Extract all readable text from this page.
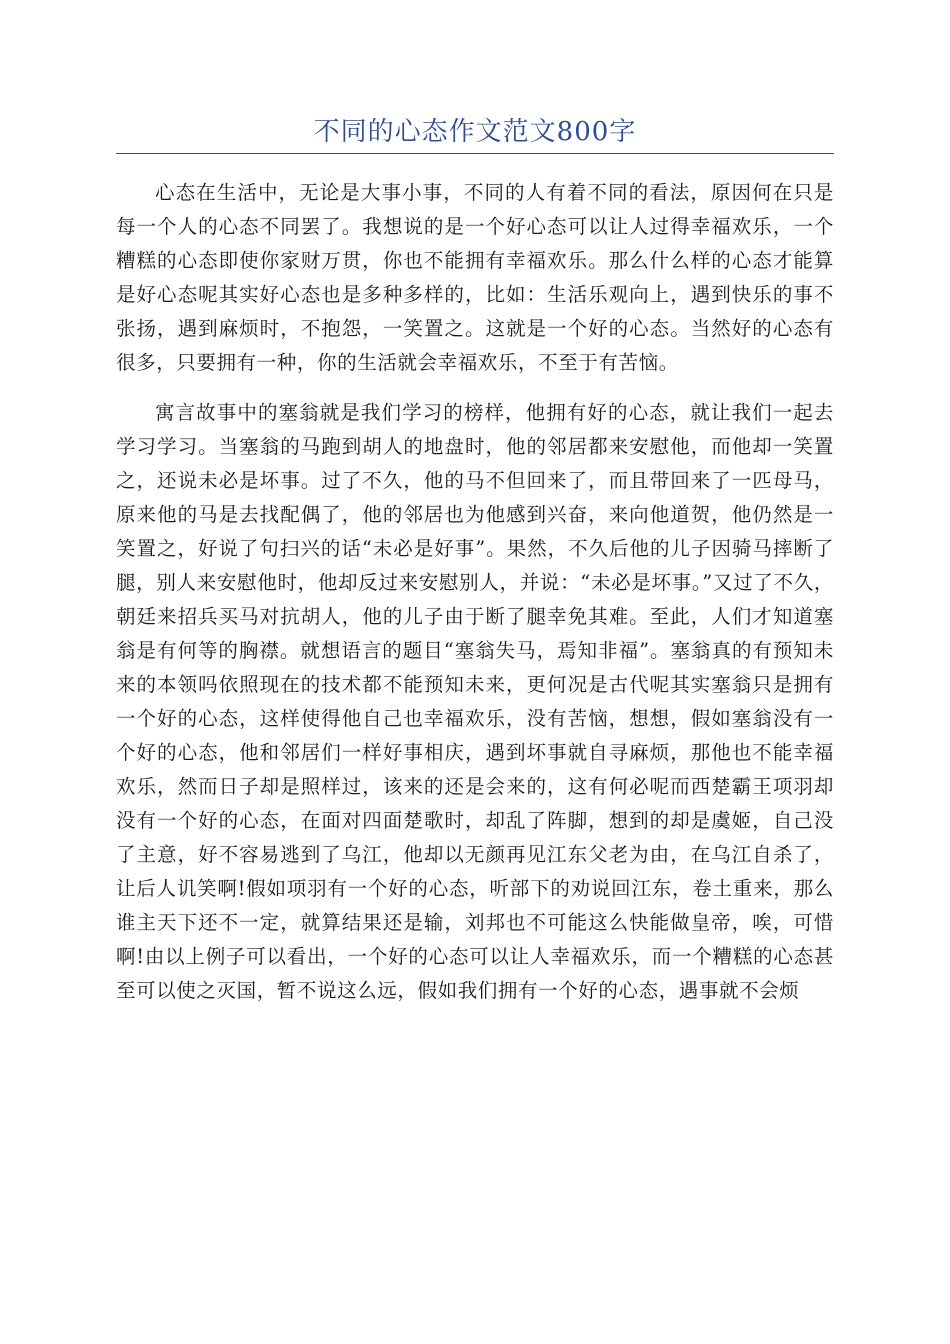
不同的心态作文范文800字

心态在生活中，无论是大事小事，不同的人有着不同的看法，原因何在只是每一个人的心态不同罢了。我想说的是一个好心态可以让人过得幸福欢乐，一个糟糕的心态即使你家财万贯，你也不能拥有幸福欢乐。那么什么样的心态才能算是好心态呢其实好心态也是多种多样的，比如：生活乐观向上，遇到快乐的事不张扬，遇到麻烦时，不抱怨，一笑置之。这就是一个好的心态。当然好的心态有很多，只要拥有一种，你的生活就会幸福欢乐，不至于有苦恼。

寓言故事中的塞翁就是我们学习的榜样，他拥有好的心态，就让我们一起去学习学习。当塞翁的马跑到胡人的地盘时，他的邻居都来安慰他，而他却一笑置之，还说未必是坏事。过了不久，他的马不但回来了，而且带回来了一匹母马，原来他的马是去找配偶了，他的邻居也为他感到兴奋，来向他道贺，他仍然是一笑置之，好说了句扫兴的话“未必是好事”。果然，不久后他的儿子因骑马摔断了腿，别人来安慰他时，他却反过来安慰别人，并说：“未必是坏事。”又过了不久，朝廷来招兵买马对抗胡人，他的儿子由于断了腿幸免其难。至此，人们才知道塞翁是有何等的胸襟。就想语言的题目“塞翁失马，焉知非福”。塞翁真的有预知未来的本领吗依照现在的技术都不能预知未来，更何况是古代呢其实塞翁只是拥有一个好的心态，这样使得他自己也幸福欢乐，没有苦恼，想想，假如塞翁没有一个好的心态，他和邻居们一样好事相庆，遇到坏事就自寻麻烦，那他也不能幸福欢乐，然而日子却是照样过，该来的还是会来的，这有何必呢而西楚霸王项羽却没有一个好的心态，在面对四面楚歌时，却乱了阵脚，想到的却是虞姬，自己没了主意，好不容易逃到了乌江，他却以无颜再见江东父老为由，在乌江自杀了，让后人讥笑啊!假如项羽有一个好的心态，听部下的劝说回江东，卷土重来，那么谁主天下还不一定，就算结果还是输，刘邦也不可能这么快能做皇帝，唉，可惜啊!由以上例子可以看出，一个好的心态可以让人幸福欢乐，而一个糟糕的心态甚至可以使之灭国，暂不说这么远，假如我们拥有一个好的心态，遇事就不会烦
